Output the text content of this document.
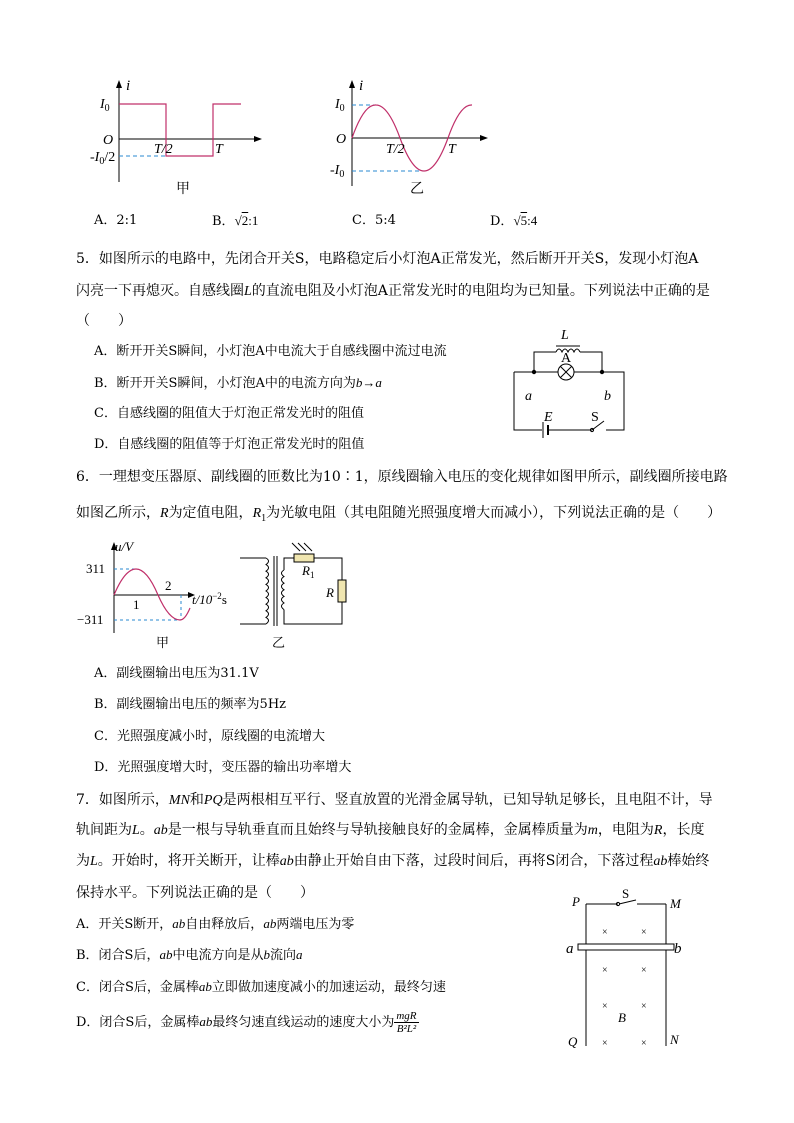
i
$I_0$
O
T/2	T
$-I_0/2$
甲
i
$I_0$
O
T/2	T
$-I_0$
乙
A．2:1	B．√2:1	C．5:4	D．√5:4
5．如图所示的电路中，先闭合开关S，电路稳定后小灯泡A正常发光，然后断开开关S，发现小灯泡A
闪亮一下再熄灭。自感线圈L的直流电阻及小灯泡A正常发光时的电阻均为已知量。下列说法中正确的是
（　　）
A．断开开关S瞬间，小灯泡A中电流大于自感线圈中流过电流
B．断开开关S瞬间，小灯泡A中的电流方向为b→a
C．自感线圈的阻值大于灯泡正常发光时的阻值
D．自感线圈的阻值等于灯泡正常发光时的阻值
L
A
a	b
E	S
6．一理想变压器原、副线圈的匝数比为10∶1，原线圈输入电压的变化规律如图甲所示，副线圈所接电路
如图乙所示，R为定值电阻，$R_1$为光敏电阻（其电阻随光照强度增大而减小），下列说法正确的是（　　）
u/V
311
−311
1
2
$t/10^{-2}s$
甲
$R_1$
R
乙
A．副线圈输出电压为31.1V
B．副线圈输出电压的频率为5Hz
C．光照强度减小时，原线圈的电流增大
D．光照强度增大时，变压器的输出功率增大
7．如图所示，MN和PQ是两根相互平行、竖直放置的光滑金属导轨，已知导轨足够长，且电阻不计，导
轨间距为L。ab是一根与导轨垂直而且始终与导轨接触良好的金属棒，金属棒质量为m，电阻为R，长度
为L。开始时，将开关断开，让棒ab由静止开始自由下落，过段时间后，再将S闭合，下落过程ab棒始终
保持水平。下列说法正确的是（　　）
A．开关S断开，ab自由释放后，ab两端电压为零
B．闭合S后，ab中电流方向是从b流向a
C．闭合S后，金属棒ab立即做加速度减小的加速运动，最终匀速
D．闭合S后，金属棒ab最终匀速直线运动的速度大小为 $\frac{\text{mgR}}{\text{B²L²}}$
P
S
M
a	b
×	×
×	×
×	×
B
×	×
Q	N
